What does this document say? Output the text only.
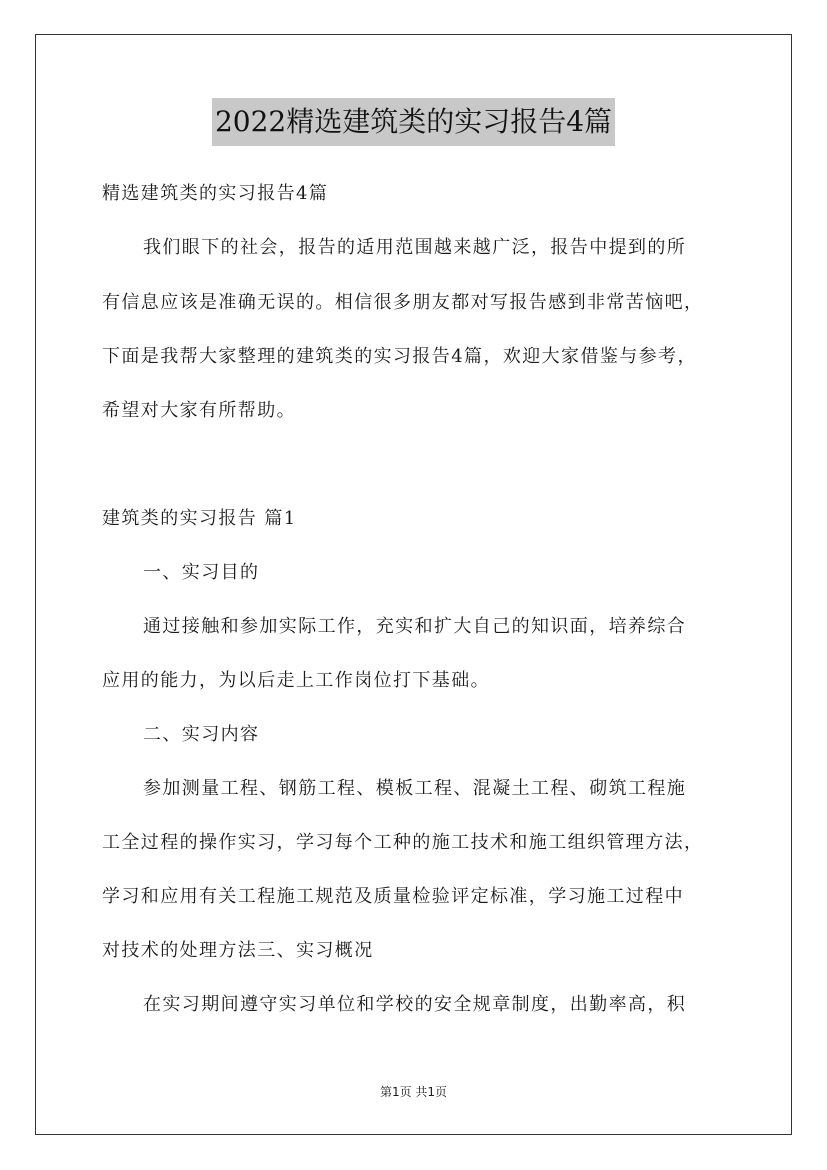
2022精选建筑类的实习报告4篇
精选建筑类的实习报告4篇
我们眼下的社会，报告的适用范围越来越广泛，报告中提到的所
有信息应该是准确无误的。相信很多朋友都对写报告感到非常苦恼吧，
下面是我帮大家整理的建筑类的实习报告4篇，欢迎大家借鉴与参考，
希望对大家有所帮助。
建筑类的实习报告 篇1
一、实习目的
通过接触和参加实际工作，充实和扩大自己的知识面，培养综合
应用的能力，为以后走上工作岗位打下基础。
二、实习内容
参加测量工程、钢筋工程、模板工程、混凝土工程、砌筑工程施
工全过程的操作实习，学习每个工种的施工技术和施工组织管理方法，
学习和应用有关工程施工规范及质量检验评定标准，学习施工过程中
对技术的处理方法三、实习概况
在实习期间遵守实习单位和学校的安全规章制度，出勤率高，积
第1页 共1页
